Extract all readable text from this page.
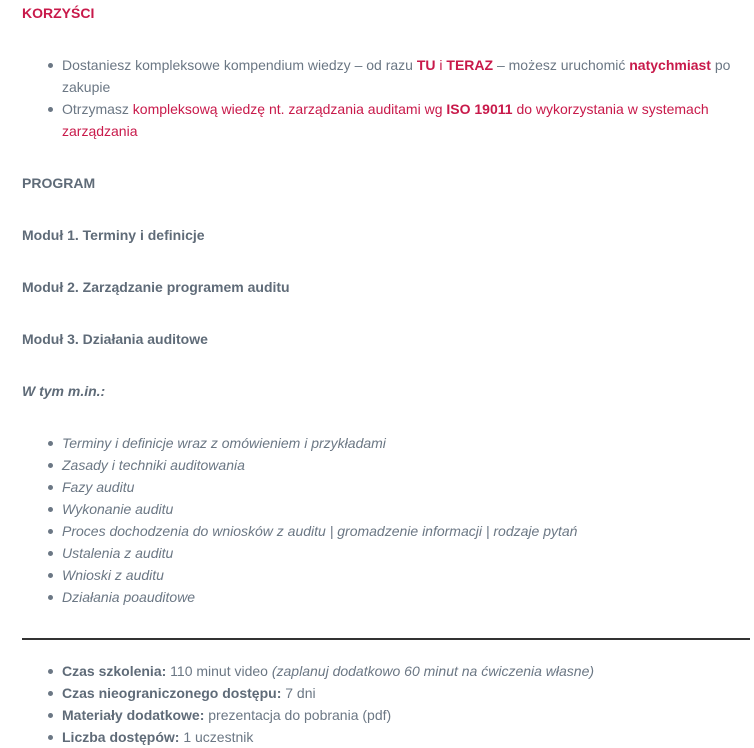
KORZYŚCI
Dostaniesz kompleksowe kompendium wiedzy – od razu TU i TERAZ – możesz uruchomić natychmiast po zakupie
Otrzymasz kompleksową wiedzę nt. zarządzania auditami wg ISO 19011 do wykorzystania w systemach zarządzania
PROGRAM
Moduł 1. Terminy i definicje
Moduł 2. Zarządzanie programem auditu
Moduł 3. Działania auditowe
W tym m.in.:
Terminy i definicje wraz z omówieniem i przykładami
Zasady i techniki auditowania
Fazy auditu
Wykonanie auditu
Proces dochodzenia do wniosków z auditu | gromadzenie informacji | rodzaje pytań
Ustalenia z auditu
Wnioski z auditu
Działania poauditowe
Czas szkolenia: 110 minut video (zaplanuj dodatkowo 60 minut na ćwiczenia własne)
Czas nieograniczonego dostępu: 7 dni
Materiały dodatkowe: prezentacja do pobrania (pdf)
Liczba dostępów: 1 uczestnik
